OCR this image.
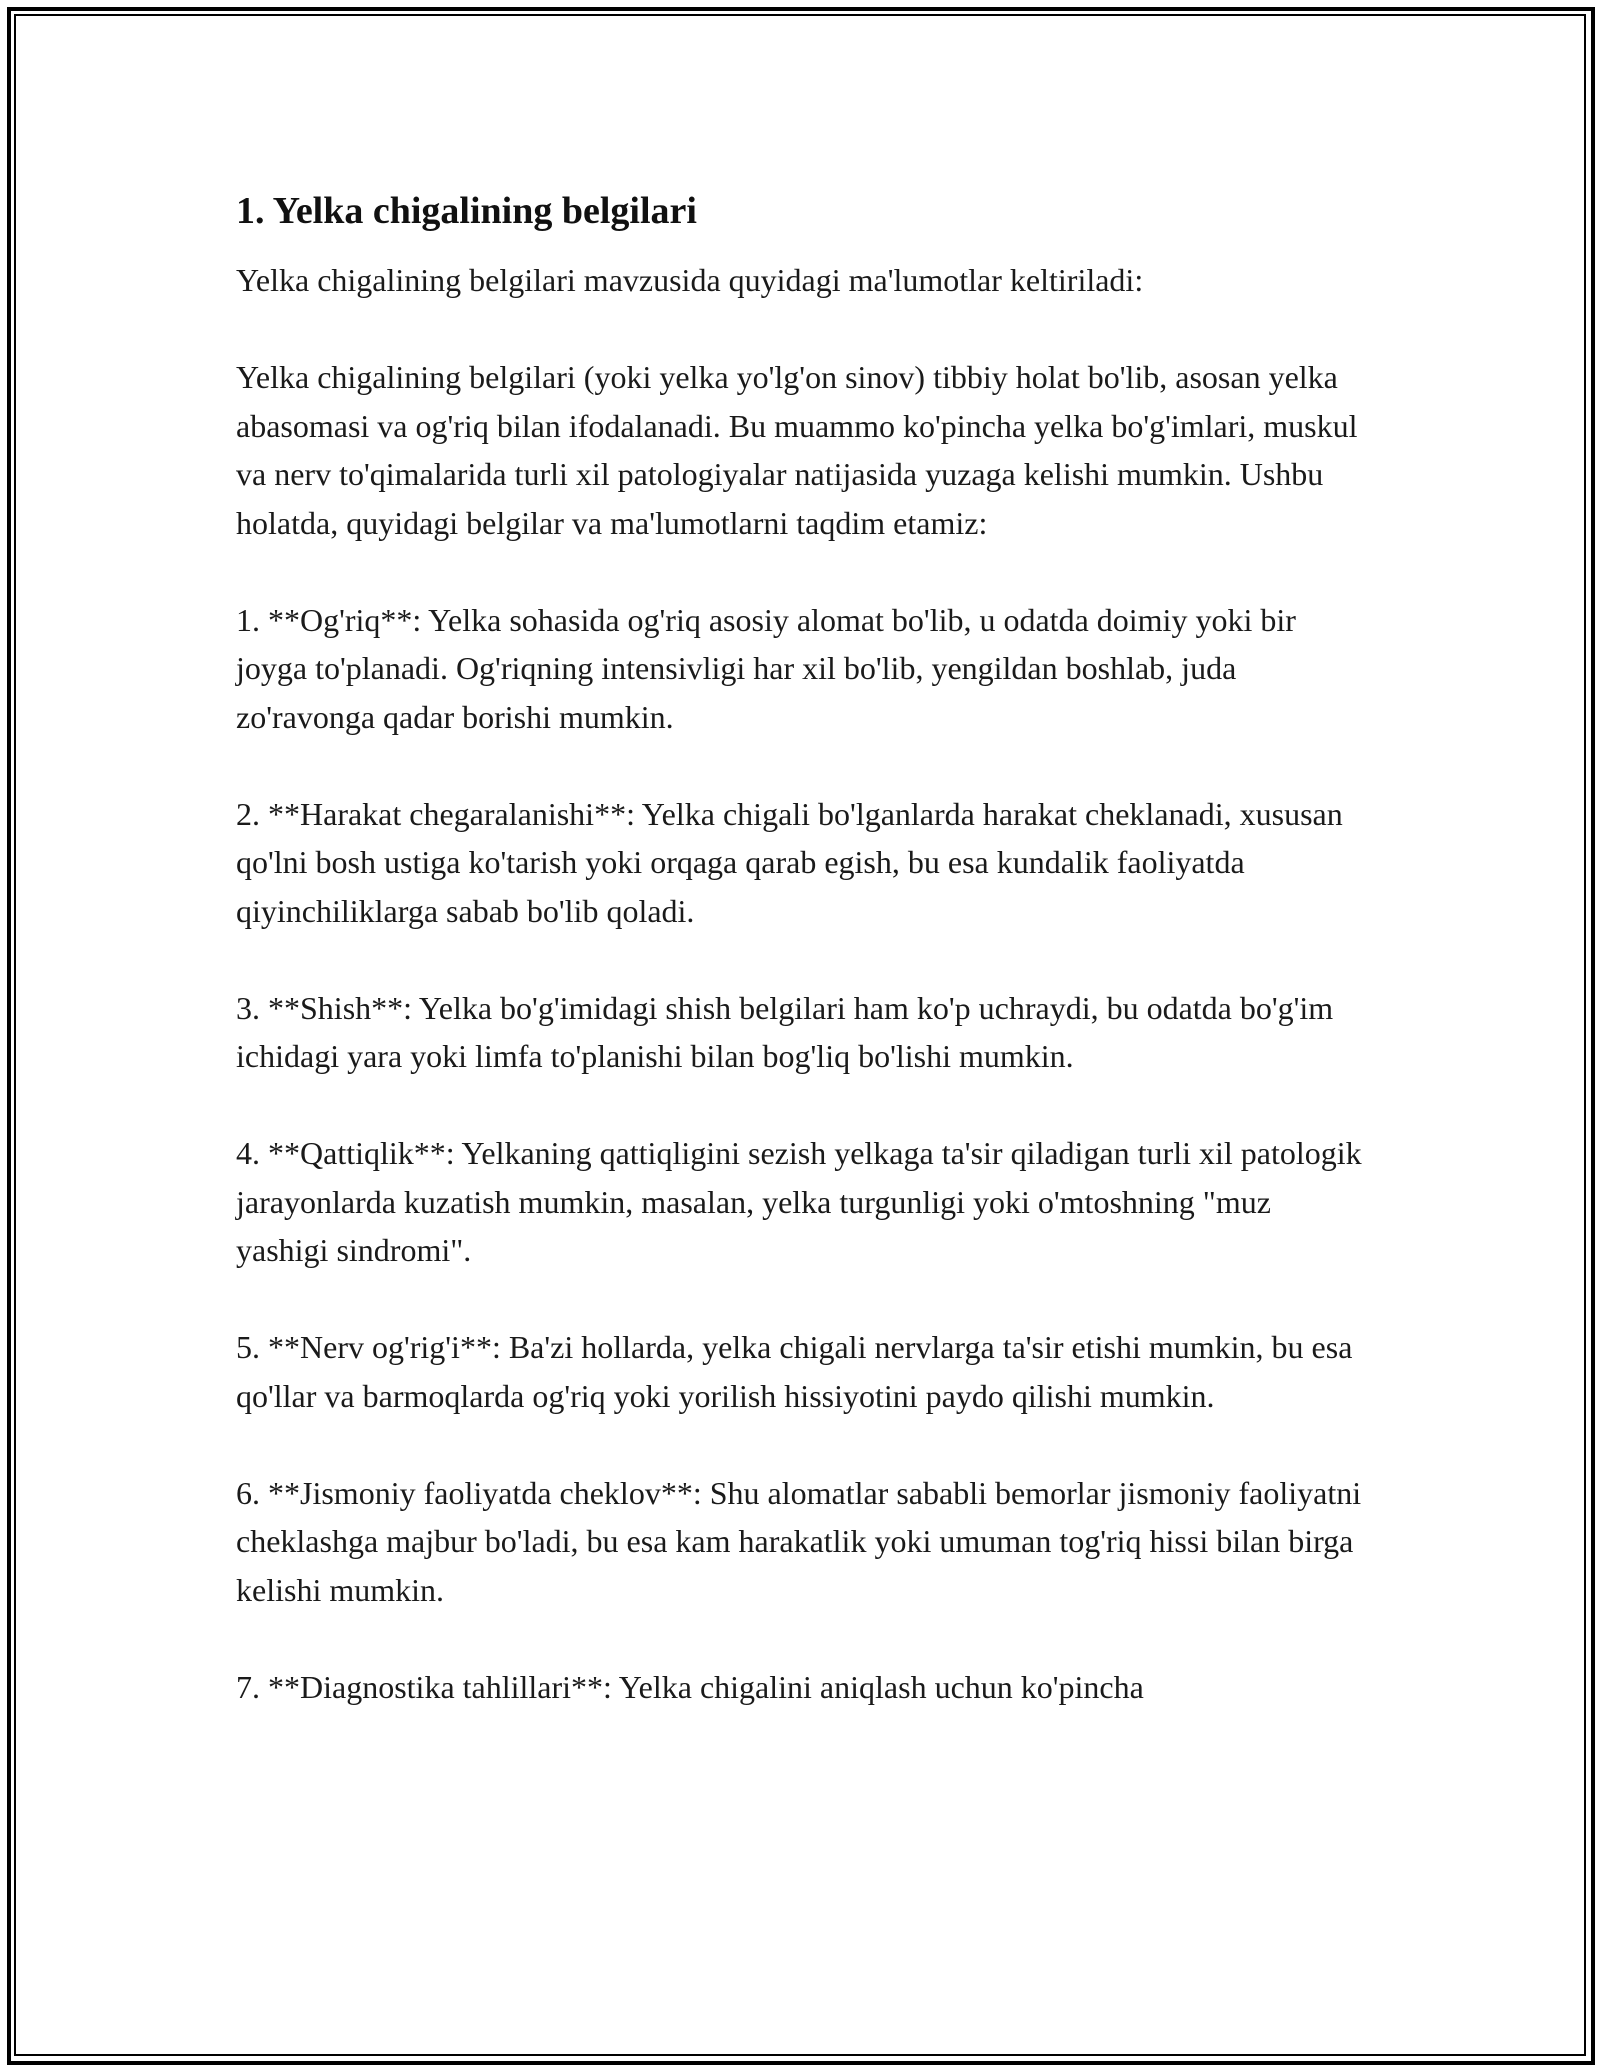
1. Yelka chigalining belgilari

Yelka chigalining belgilari mavzusida quyidagi ma'lumotlar keltiriladi:

Yelka chigalining belgilari (yoki yelka yo'lg'on sinov) tibbiy holat bo'lib, asosan yelka abasomasi va og'riq bilan ifodalanadi. Bu muammo ko'pincha yelka bo'g'imlari, muskul va nerv to'qimalarida turli xil patologiyalar natijasida yuzaga kelishi mumkin. Ushbu holatda, quyidagi belgilar va ma'lumotlarni taqdim etamiz:

1. **Og'riq**: Yelka sohasida og'riq asosiy alomat bo'lib, u odatda doimiy yoki bir joyga to'planadi. Og'riqning intensivligi har xil bo'lib, yengildan boshlab, juda zo'ravonga qadar borishi mumkin.

2. **Harakat chegaralanishi**: Yelka chigali bo'lganlarda harakat cheklanadi, xususan qo'lni bosh ustiga ko'tarish yoki orqaga qarab egish, bu esa kundalik faoliyatda qiyinchiliklarga sabab bo'lib qoladi.

3. **Shish**: Yelka bo'g'imidagi shish belgilari ham ko'p uchraydi, bu odatda bo'g'im ichidagi yara yoki limfa to'planishi bilan bog'liq bo'lishi mumkin.

4. **Qattiqlik**: Yelkaning qattiqligini sezish yelkaga ta'sir qiladigan turli xil patologik jarayonlarda kuzatish mumkin, masalan, yelka turgunligi yoki o'mtoshning "muz yashigi sindromi".

5. **Nerv og'rig'i**: Ba'zi hollarda, yelka chigali nervlarga ta'sir etishi mumkin, bu esa qo'llar va barmoqlarda og'riq yoki yorilish hissiyotini paydo qilishi mumkin.

6. **Jismoniy faoliyatda cheklov**: Shu alomatlar sababli bemorlar jismoniy faoliyatni cheklashga majbur bo'ladi, bu esa kam harakatlik yoki umuman tog'riq hissi bilan birga kelishi mumkin.

7. **Diagnostika tahlillari**: Yelka chigalini aniqlash uchun ko'pincha
